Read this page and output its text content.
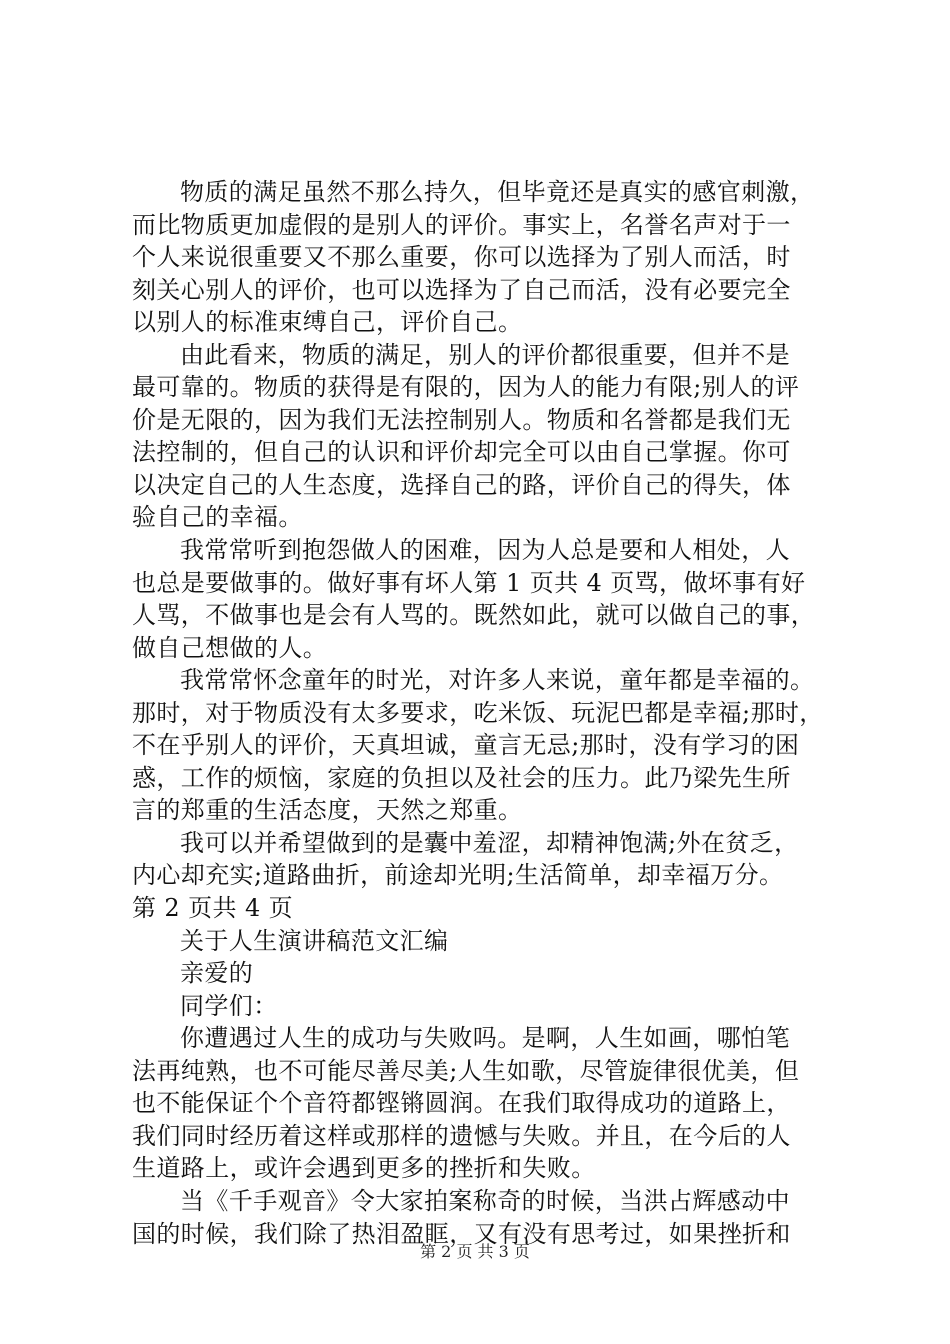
物质的满足虽然不那么持久，但毕竟还是真实的感官刺激，
而比物质更加虚假的是别人的评价。事实上，名誉名声对于一
个人来说很重要又不那么重要，你可以选择为了别人而活，时
刻关心别人的评价，也可以选择为了自己而活，没有必要完全
以别人的标准束缚自己，评价自己。
由此看来，物质的满足，别人的评价都很重要，但并不是
最可靠的。物质的获得是有限的，因为人的能力有限;别人的评
价是无限的，因为我们无法控制别人。物质和名誉都是我们无
法控制的，但自己的认识和评价却完全可以由自己掌握。你可
以决定自己的人生态度，选择自己的路，评价自己的得失，体
验自己的幸福。
我常常听到抱怨做人的困难，因为人总是要和人相处，人
也总是要做事的。做好事有坏人第 1 页共 4 页骂，做坏事有好
人骂，不做事也是会有人骂的。既然如此，就可以做自己的事，
做自己想做的人。
我常常怀念童年的时光，对许多人来说，童年都是幸福的。
那时，对于物质没有太多要求，吃米饭、玩泥巴都是幸福;那时，
不在乎别人的评价，天真坦诚，童言无忌;那时，没有学习的困
惑，工作的烦恼，家庭的负担以及社会的压力。此乃梁先生所
言的郑重的生活态度，天然之郑重。
我可以并希望做到的是囊中羞涩，却精神饱满;外在贫乏，
内心却充实;道路曲折，前途却光明;生活简单，却幸福万分。
第 2 页共 4 页
关于人生演讲稿范文汇编
亲爱的
同学们：
你遭遇过人生的成功与失败吗。是啊，人生如画，哪怕笔
法再纯熟，也不可能尽善尽美;人生如歌，尽管旋律很优美，但
也不能保证个个音符都铿锵圆润。在我们取得成功的道路上，
我们同时经历着这样或那样的遗憾与失败。并且，在今后的人
生道路上，或许会遇到更多的挫折和失败。
当《千手观音》令大家拍案称奇的时候，当洪占辉感动中
国的时候，我们除了热泪盈眶，又有没有思考过，如果挫折和
第 2 页 共 3 页
